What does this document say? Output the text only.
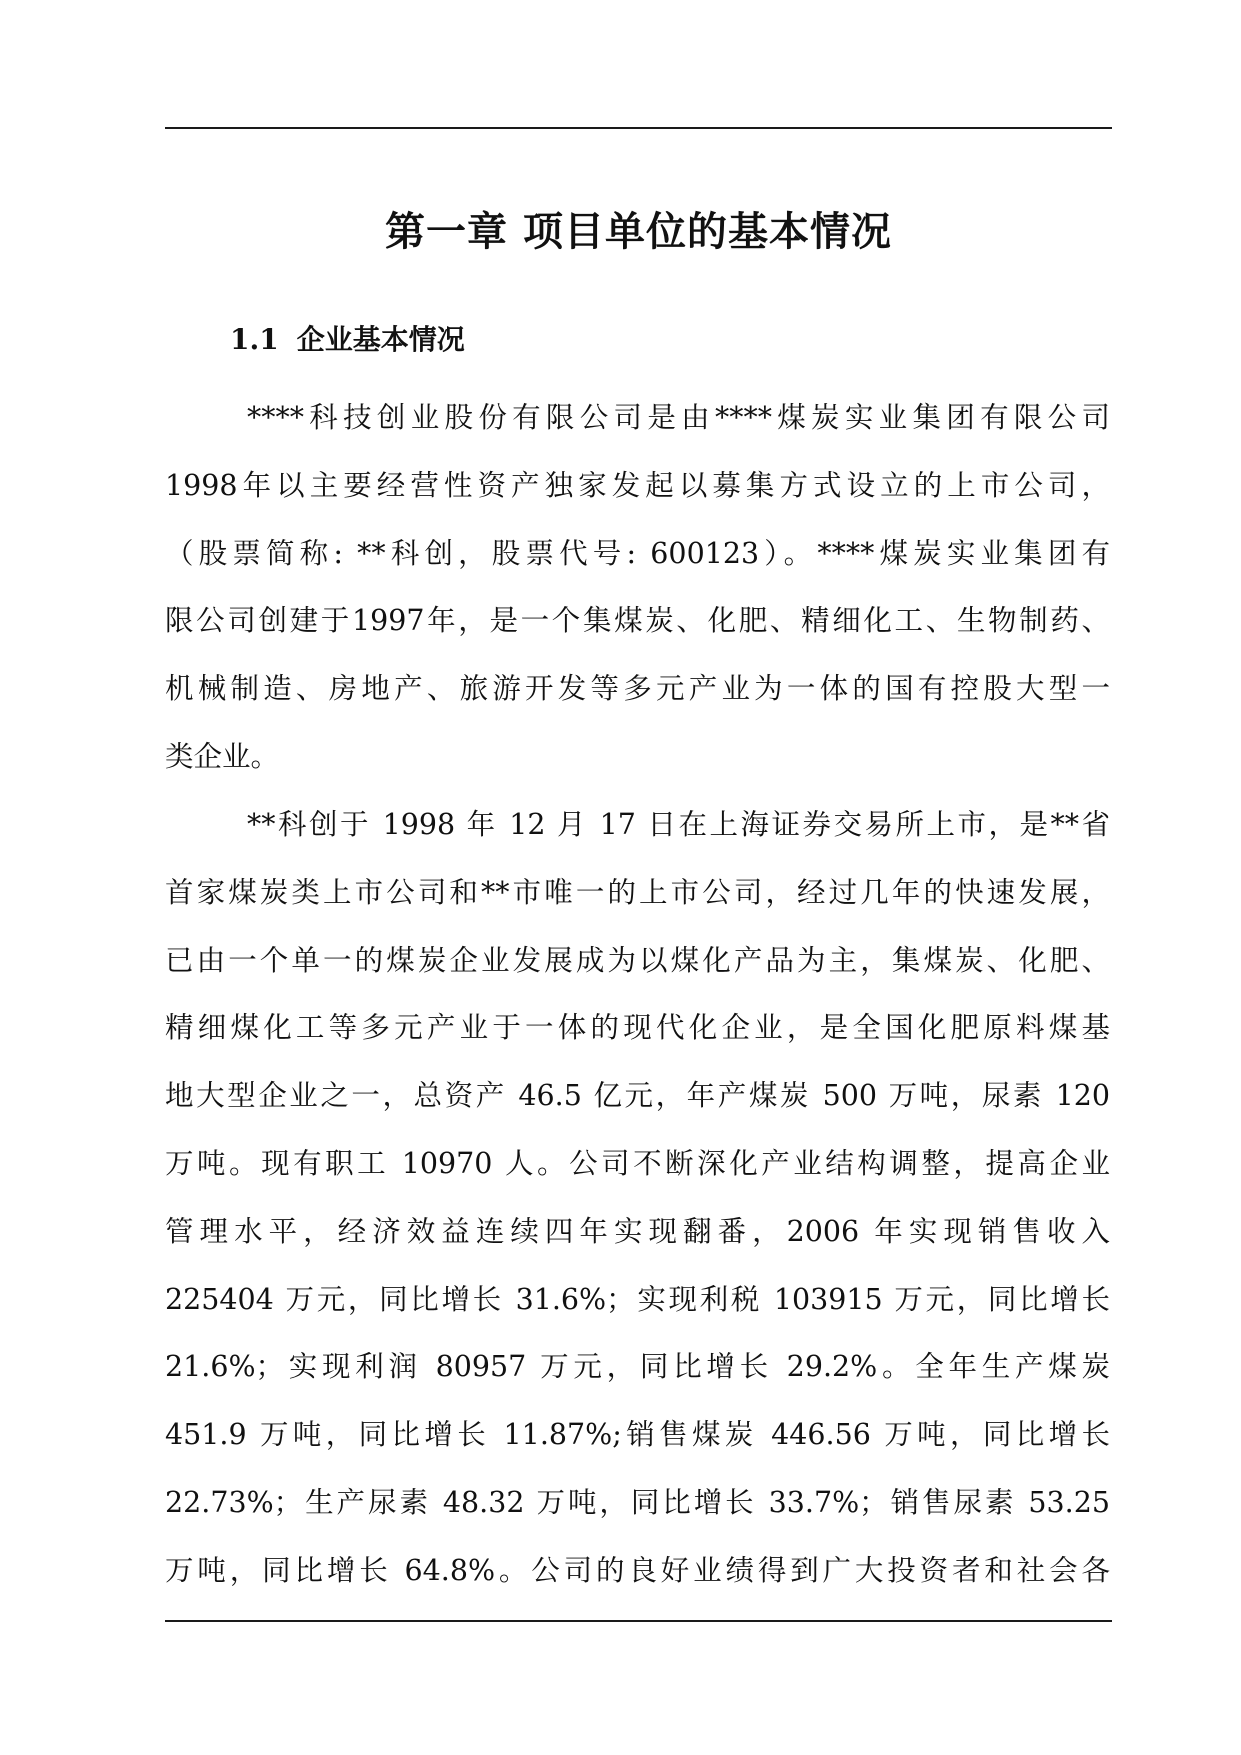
第一章 项目单位的基本情况
1.1 企业基本情况
****科技创业股份有限公司是由****煤炭实业集团有限公司
1998年以主要经营性资产独家发起以募集方式设立的上市公司，
（股票简称: **科创，股票代号: 600123）。****煤炭实业集团有
限公司创建于1997年，是一个集煤炭、化肥、精细化工、生物制药、
机械制造、房地产、旅游开发等多元产业为一体的国有控股大型一
类企业。
**科创于 1998 年 12 月 17 日在上海证券交易所上市，是**省
首家煤炭类上市公司和**市唯一的上市公司，经过几年的快速发展，
已由一个单一的煤炭企业发展成为以煤化产品为主，集煤炭、化肥、
精细煤化工等多元产业于一体的现代化企业，是全国化肥原料煤基
地大型企业之一，总资产 46.5 亿元，年产煤炭 500 万吨，尿素 120
万吨。现有职工 10970 人。公司不断深化产业结构调整，提高企业
管理水平，经济效益连续四年实现翻番，2006 年实现销售收入
225404 万元，同比增长 31.6%；实现利税 103915 万元，同比增长
21.6%；实现利润 80957 万元，同比增长 29.2%。全年生产煤炭
451.9 万吨，同比增长 11.87%;销售煤炭 446.56 万吨，同比增长
22.73%；生产尿素 48.32 万吨，同比增长 33.7%；销售尿素 53.25
万吨，同比增长 64.8%。公司的良好业绩得到广大投资者和社会各
